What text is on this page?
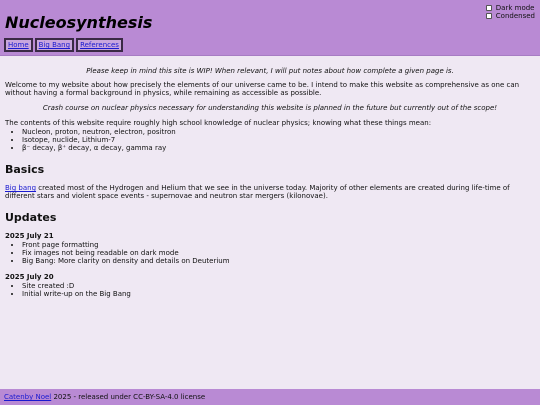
Nucleosynthesis
Dark mode
Condensed
Home	Big Bang	References

Please keep in mind this site is WIP! When relevant, I will put notes about how complete a given page is.

Welcome to my website about how precisely the elements of our universe came to be. I intend to make this website as comprehensive as one can without having a formal background in physics, while remaining as accessible as possible.

Crash course on nuclear physics necessary for understanding this website is planned in the future but currently out of the scope!

The contents of this website require roughly high school knowledge of nuclear physics; knowing what these things mean:

• Nucleon, proton, neutron, electron, positron
• Isotope, nuclide, Lithium-7
• β⁻ decay, β⁺ decay, α decay, gamma ray
Basics

Big bang created most of the Hydrogen and Helium that we see in the universe today. Majority of other elements are created during life-time of different stars and violent space events - supernovae and neutron star mergers (kilonovae).

Updates
2025 July 21
• Front page formatting
• Fix images not being readable on dark mode
• Big Bang: More clarity on density and details on Deuterium
2025 July 20
• Site created :D
• Initial write-up on the Big Bang
Catenby Noel 2025 - released under CC-BY-SA-4.0 license
